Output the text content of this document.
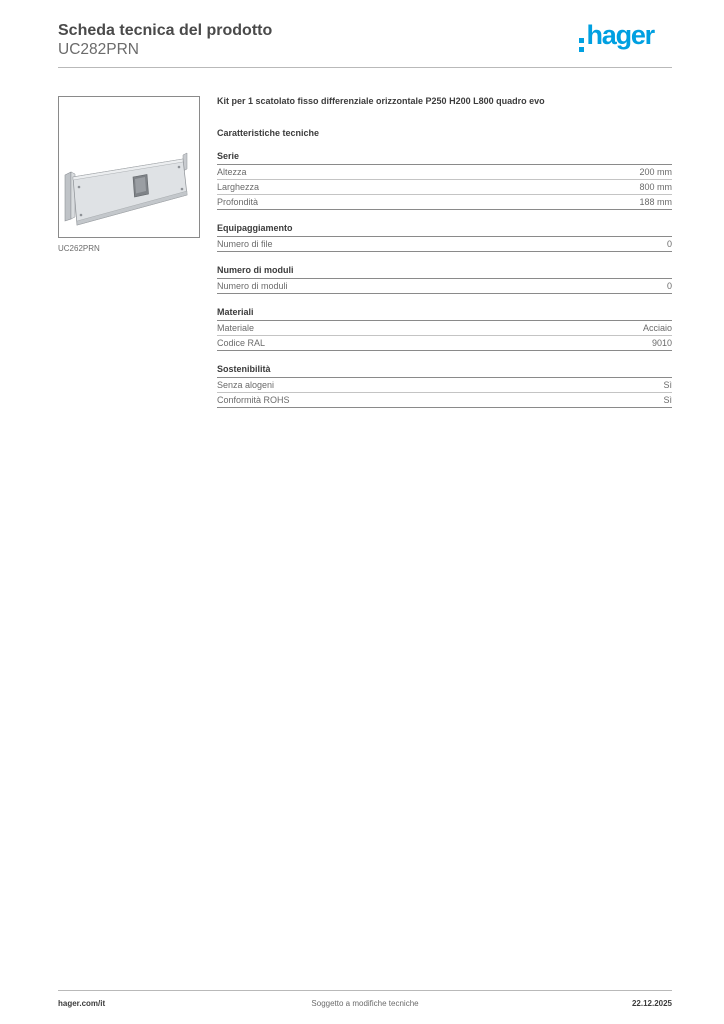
Scheda tecnica del prodotto
UC282PRN	hager
UC262PRN
Kit per 1 scatolato fisso differenziale orizzontale P250 H200 L800 quadro evo
Caratteristiche tecniche
Serie
Altezza	200 mm
Larghezza	800 mm
Profondità	188 mm
Equipaggiamento
Numero di file	0
Numero di moduli
Numero di moduli	0
Materiali
Materiale	Acciaio
Codice RAL	9010
Sostenibilità
Senza alogeni	Sì
Conformità ROHS	Sì
hager.com/it	Soggetto a modifiche tecniche	22.12.2025
